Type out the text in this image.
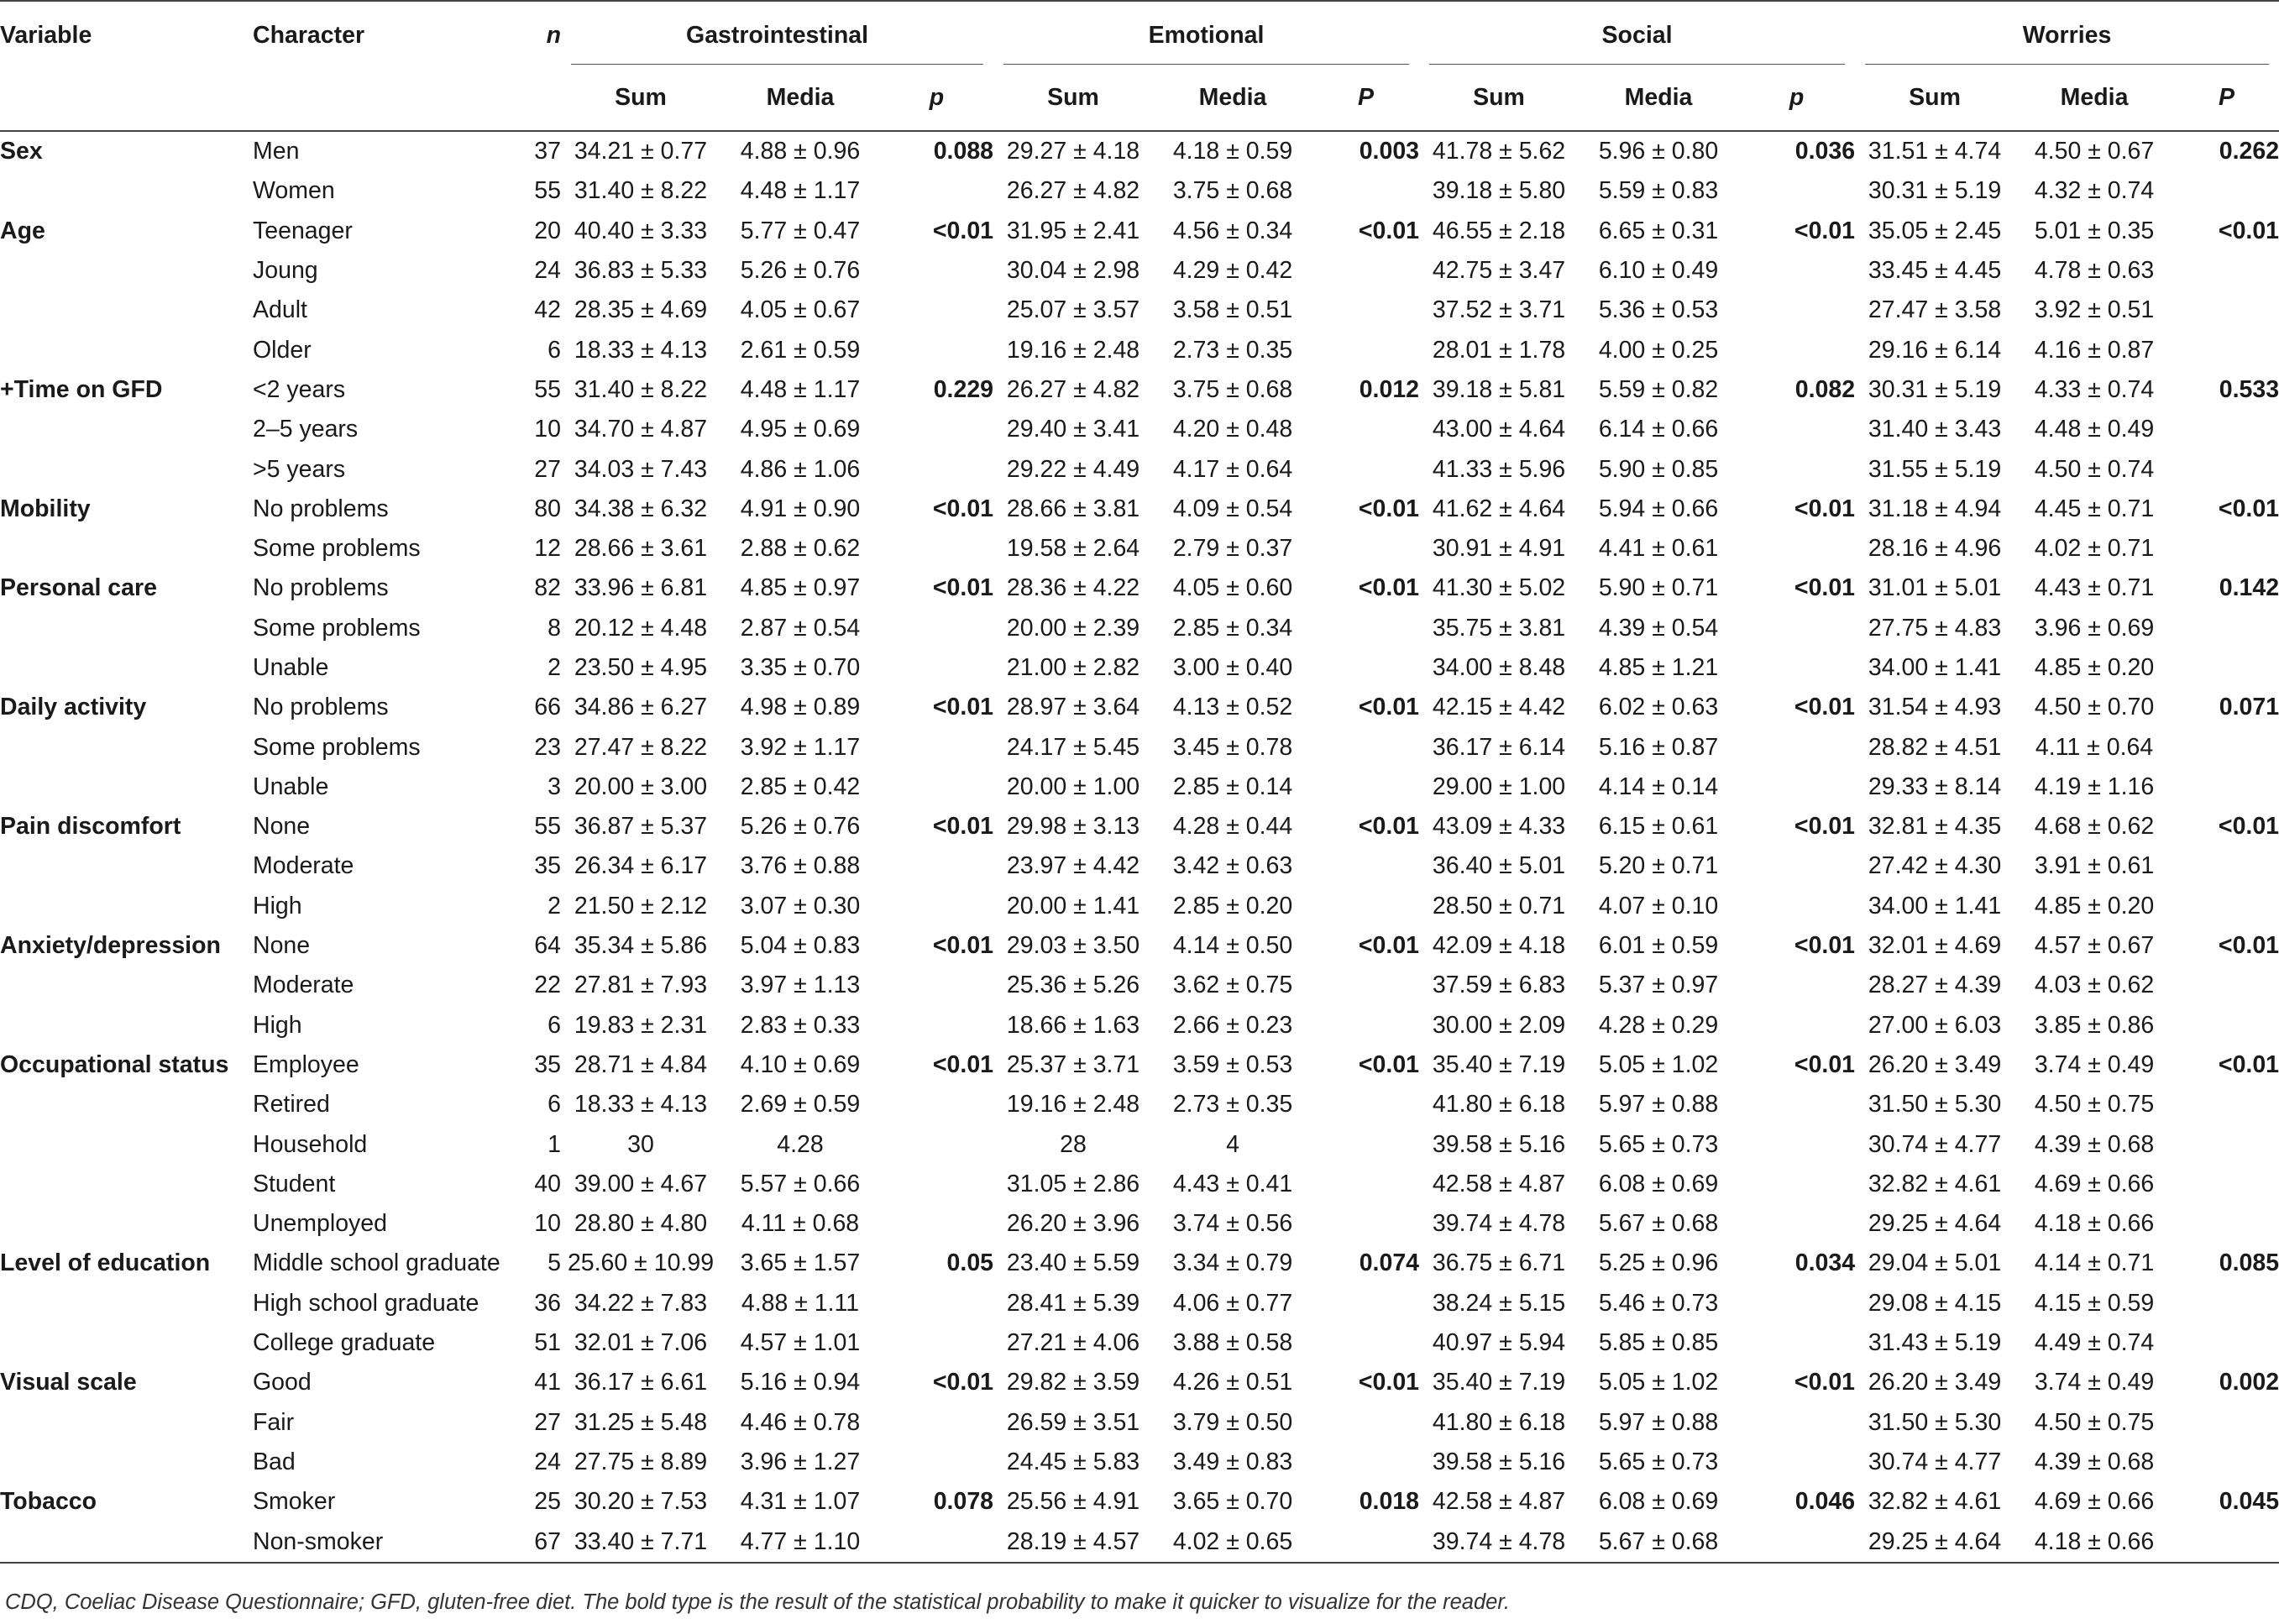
Variable	Character	n	Gastrointestinal			Emotional			Social			Worries		
			Sum	Media	p	Sum	Media	P	Sum	Media	p	Sum	Media	P
Sex	Men	37	34.21 ± 0.77	4.88 ± 0.96	0.088	29.27 ± 4.18	4.18 ± 0.59	0.003	41.78 ± 5.62	5.96 ± 0.80	0.036	31.51 ± 4.74	4.50 ± 0.67	0.262
	Women	55	31.40 ± 8.22	4.48 ± 1.17		26.27 ± 4.82	3.75 ± 0.68		39.18 ± 5.80	5.59 ± 0.83		30.31 ± 5.19	4.32 ± 0.74	
Age	Teenager	20	40.40 ± 3.33	5.77 ± 0.47	<0.01	31.95 ± 2.41	4.56 ± 0.34	<0.01	46.55 ± 2.18	6.65 ± 0.31	<0.01	35.05 ± 2.45	5.01 ± 0.35	<0.01
	Joung	24	36.83 ± 5.33	5.26 ± 0.76		30.04 ± 2.98	4.29 ± 0.42		42.75 ± 3.47	6.10 ± 0.49		33.45 ± 4.45	4.78 ± 0.63	
	Adult	42	28.35 ± 4.69	4.05 ± 0.67		25.07 ± 3.57	3.58 ± 0.51		37.52 ± 3.71	5.36 ± 0.53		27.47 ± 3.58	3.92 ± 0.51	
	Older	6	18.33 ± 4.13	2.61 ± 0.59		19.16 ± 2.48	2.73 ± 0.35		28.01 ± 1.78	4.00 ± 0.25		29.16 ± 6.14	4.16 ± 0.87	
+Time on GFD	<2 years	55	31.40 ± 8.22	4.48 ± 1.17	0.229	26.27 ± 4.82	3.75 ± 0.68	0.012	39.18 ± 5.81	5.59 ± 0.82	0.082	30.31 ± 5.19	4.33 ± 0.74	0.533
	2–5 years	10	34.70 ± 4.87	4.95 ± 0.69		29.40 ± 3.41	4.20 ± 0.48		43.00 ± 4.64	6.14 ± 0.66		31.40 ± 3.43	4.48 ± 0.49	
	>5 years	27	34.03 ± 7.43	4.86 ± 1.06		29.22 ± 4.49	4.17 ± 0.64		41.33 ± 5.96	5.90 ± 0.85		31.55 ± 5.19	4.50 ± 0.74	
Mobility	No problems	80	34.38 ± 6.32	4.91 ± 0.90	<0.01	28.66 ± 3.81	4.09 ± 0.54	<0.01	41.62 ± 4.64	5.94 ± 0.66	<0.01	31.18 ± 4.94	4.45 ± 0.71	<0.01
	Some problems	12	28.66 ± 3.61	2.88 ± 0.62		19.58 ± 2.64	2.79 ± 0.37		30.91 ± 4.91	4.41 ± 0.61		28.16 ± 4.96	4.02 ± 0.71	
Personal care	No problems	82	33.96 ± 6.81	4.85 ± 0.97	<0.01	28.36 ± 4.22	4.05 ± 0.60	<0.01	41.30 ± 5.02	5.90 ± 0.71	<0.01	31.01 ± 5.01	4.43 ± 0.71	0.142
	Some problems	8	20.12 ± 4.48	2.87 ± 0.54		20.00 ± 2.39	2.85 ± 0.34		35.75 ± 3.81	4.39 ± 0.54		27.75 ± 4.83	3.96 ± 0.69	
	Unable	2	23.50 ± 4.95	3.35 ± 0.70		21.00 ± 2.82	3.00 ± 0.40		34.00 ± 8.48	4.85 ± 1.21		34.00 ± 1.41	4.85 ± 0.20	
Daily activity	No problems	66	34.86 ± 6.27	4.98 ± 0.89	<0.01	28.97 ± 3.64	4.13 ± 0.52	<0.01	42.15 ± 4.42	6.02 ± 0.63	<0.01	31.54 ± 4.93	4.50 ± 0.70	0.071
	Some problems	23	27.47 ± 8.22	3.92 ± 1.17		24.17 ± 5.45	3.45 ± 0.78		36.17 ± 6.14	5.16 ± 0.87		28.82 ± 4.51	4.11 ± 0.64	
	Unable	3	20.00 ± 3.00	2.85 ± 0.42		20.00 ± 1.00	2.85 ± 0.14		29.00 ± 1.00	4.14 ± 0.14		29.33 ± 8.14	4.19 ± 1.16	
Pain discomfort	None	55	36.87 ± 5.37	5.26 ± 0.76	<0.01	29.98 ± 3.13	4.28 ± 0.44	<0.01	43.09 ± 4.33	6.15 ± 0.61	<0.01	32.81 ± 4.35	4.68 ± 0.62	<0.01
	Moderate	35	26.34 ± 6.17	3.76 ± 0.88		23.97 ± 4.42	3.42 ± 0.63		36.40 ± 5.01	5.20 ± 0.71		27.42 ± 4.30	3.91 ± 0.61	
	High	2	21.50 ± 2.12	3.07 ± 0.30		20.00 ± 1.41	2.85 ± 0.20		28.50 ± 0.71	4.07 ± 0.10		34.00 ± 1.41	4.85 ± 0.20	
Anxiety/depression	None	64	35.34 ± 5.86	5.04 ± 0.83	<0.01	29.03 ± 3.50	4.14 ± 0.50	<0.01	42.09 ± 4.18	6.01 ± 0.59	<0.01	32.01 ± 4.69	4.57 ± 0.67	<0.01
	Moderate	22	27.81 ± 7.93	3.97 ± 1.13		25.36 ± 5.26	3.62 ± 0.75		37.59 ± 6.83	5.37 ± 0.97		28.27 ± 4.39	4.03 ± 0.62	
	High	6	19.83 ± 2.31	2.83 ± 0.33		18.66 ± 1.63	2.66 ± 0.23		30.00 ± 2.09	4.28 ± 0.29		27.00 ± 6.03	3.85 ± 0.86	
Occupational status	Employee	35	28.71 ± 4.84	4.10 ± 0.69	<0.01	25.37 ± 3.71	3.59 ± 0.53	<0.01	35.40 ± 7.19	5.05 ± 1.02	<0.01	26.20 ± 3.49	3.74 ± 0.49	<0.01
	Retired	6	18.33 ± 4.13	2.69 ± 0.59		19.16 ± 2.48	2.73 ± 0.35		41.80 ± 6.18	5.97 ± 0.88		31.50 ± 5.30	4.50 ± 0.75	
	Household	1	30	4.28		28	4		39.58 ± 5.16	5.65 ± 0.73		30.74 ± 4.77	4.39 ± 0.68	
	Student	40	39.00 ± 4.67	5.57 ± 0.66		31.05 ± 2.86	4.43 ± 0.41		42.58 ± 4.87	6.08 ± 0.69		32.82 ± 4.61	4.69 ± 0.66	
	Unemployed	10	28.80 ± 4.80	4.11 ± 0.68		26.20 ± 3.96	3.74 ± 0.56		39.74 ± 4.78	5.67 ± 0.68		29.25 ± 4.64	4.18 ± 0.66	
Level of education	Middle school graduate	5	25.60 ± 10.99	3.65 ± 1.57	0.05	23.40 ± 5.59	3.34 ± 0.79	0.074	36.75 ± 6.71	5.25 ± 0.96	0.034	29.04 ± 5.01	4.14 ± 0.71	0.085
	High school graduate	36	34.22 ± 7.83	4.88 ± 1.11		28.41 ± 5.39	4.06 ± 0.77		38.24 ± 5.15	5.46 ± 0.73		29.08 ± 4.15	4.15 ± 0.59	
	College graduate	51	32.01 ± 7.06	4.57 ± 1.01		27.21 ± 4.06	3.88 ± 0.58		40.97 ± 5.94	5.85 ± 0.85		31.43 ± 5.19	4.49 ± 0.74	
Visual scale	Good	41	36.17 ± 6.61	5.16 ± 0.94	<0.01	29.82 ± 3.59	4.26 ± 0.51	<0.01	35.40 ± 7.19	5.05 ± 1.02	<0.01	26.20 ± 3.49	3.74 ± 0.49	0.002
	Fair	27	31.25 ± 5.48	4.46 ± 0.78		26.59 ± 3.51	3.79 ± 0.50		41.80 ± 6.18	5.97 ± 0.88		31.50 ± 5.30	4.50 ± 0.75	
	Bad	24	27.75 ± 8.89	3.96 ± 1.27		24.45 ± 5.83	3.49 ± 0.83		39.58 ± 5.16	5.65 ± 0.73		30.74 ± 4.77	4.39 ± 0.68	
Tobacco	Smoker	25	30.20 ± 7.53	4.31 ± 1.07	0.078	25.56 ± 4.91	3.65 ± 0.70	0.018	42.58 ± 4.87	6.08 ± 0.69	0.046	32.82 ± 4.61	4.69 ± 0.66	0.045
	Non-smoker	67	33.40 ± 7.71	4.77 ± 1.10		28.19 ± 4.57	4.02 ± 0.65		39.74 ± 4.78	5.67 ± 0.68		29.25 ± 4.64	4.18 ± 0.66	
CDQ, Coeliac Disease Questionnaire; GFD, gluten-free diet. The bold type is the result of the statistical probability to make it quicker to visualize for the reader.
